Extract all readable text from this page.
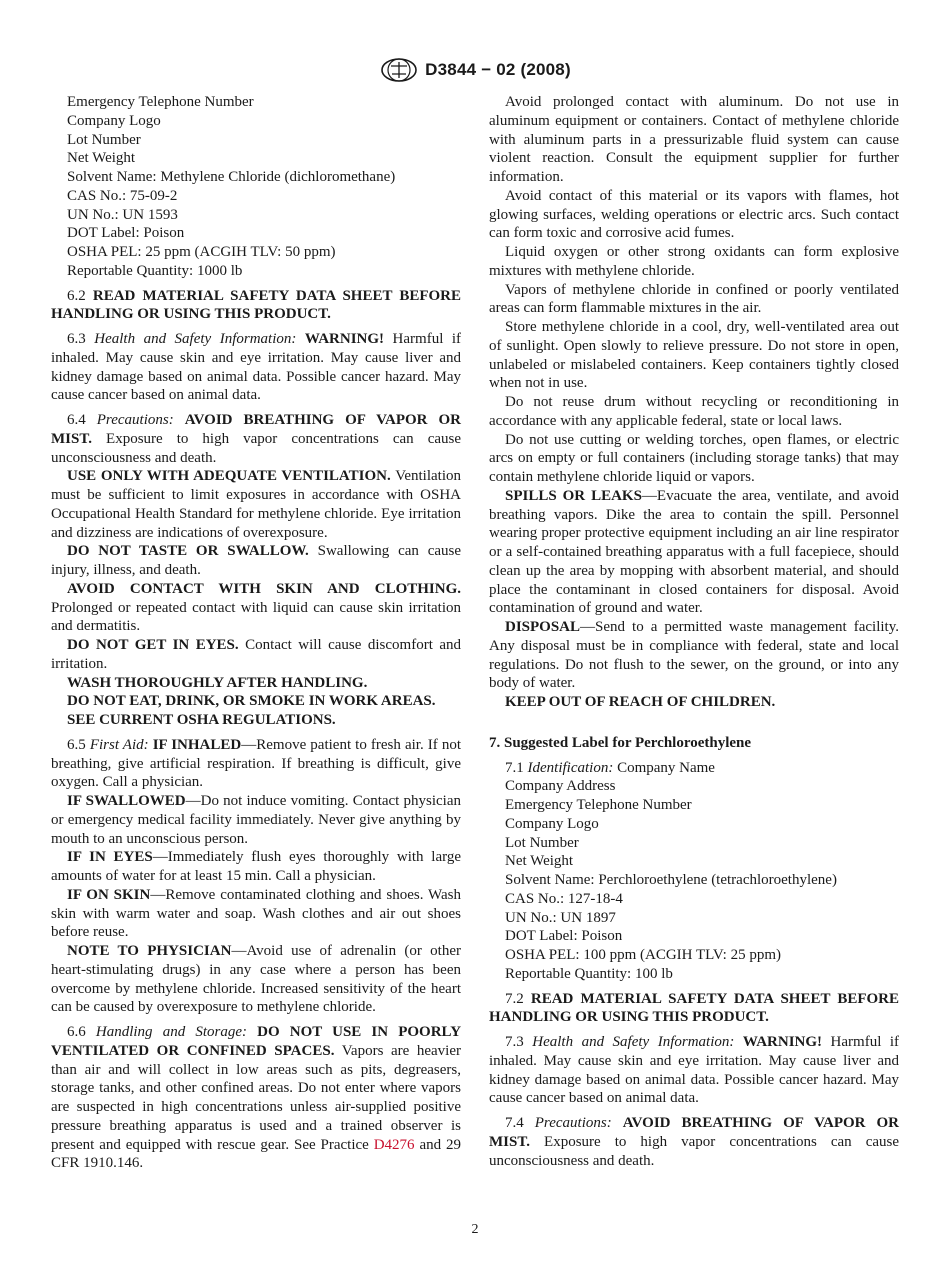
D3844 − 02 (2008)
Emergency Telephone Number
Company Logo
Lot Number
Net Weight
Solvent Name: Methylene Chloride (dichloromethane)
CAS No.: 75-09-2
UN No.: UN 1593
DOT Label: Poison
OSHA PEL: 25 ppm (ACGIH TLV: 50 ppm)
Reportable Quantity: 1000 lb

6.2 READ MATERIAL SAFETY DATA SHEET BEFORE HANDLING OR USING THIS PRODUCT.

6.3 Health and Safety Information: WARNING! Harmful if inhaled. May cause skin and eye irritation. May cause liver and kidney damage based on animal data. Possible cancer hazard. May cause cancer based on animal data.

6.4 Precautions: AVOID BREATHING OF VAPOR OR MIST. Exposure to high vapor concentrations can cause unconsciousness and death.

USE ONLY WITH ADEQUATE VENTILATION. Ventilation must be sufficient to limit exposures in accordance with OSHA Occupational Health Standard for methylene chloride. Eye irritation and dizziness are indications of overexposure.

DO NOT TASTE OR SWALLOW. Swallowing can cause injury, illness, and death.

AVOID CONTACT WITH SKIN AND CLOTHING. Prolonged or repeated contact with liquid can cause skin irritation and dermatitis.

DO NOT GET IN EYES. Contact will cause discomfort and irritation.

WASH THOROUGHLY AFTER HANDLING.

DO NOT EAT, DRINK, OR SMOKE IN WORK AREAS.

SEE CURRENT OSHA REGULATIONS.

6.5 First Aid: IF INHALED—Remove patient to fresh air. If not breathing, give artificial respiration. If breathing is difficult, give oxygen. Call a physician.

IF SWALLOWED—Do not induce vomiting. Contact physician or emergency medical facility immediately. Never give anything by mouth to an unconscious person.

IF IN EYES—Immediately flush eyes thoroughly with large amounts of water for at least 15 min. Call a physician.

IF ON SKIN—Remove contaminated clothing and shoes. Wash skin with warm water and soap. Wash clothes and air out shoes before reuse.

NOTE TO PHYSICIAN—Avoid use of adrenalin (or other heart-stimulating drugs) in any case where a person has been overcome by methylene chloride. Increased sensitivity of the heart can be caused by overexposure to methylene chloride.

6.6 Handling and Storage: DO NOT USE IN POORLY VENTILATED OR CONFINED SPACES. Vapors are heavier than air and will collect in low areas such as pits, degreasers, storage tanks, and other confined areas. Do not enter where vapors are suspected in high concentrations unless air-supplied positive pressure breathing apparatus is used and a trained observer is present and equipped with rescue gear. See Practice D4276 and 29 CFR 1910.146.

Avoid prolonged contact with aluminum. Do not use in aluminum equipment or containers. Contact of methylene chloride with aluminum parts in a pressurizable fluid system can cause violent reaction. Consult the equipment supplier for further information.

Avoid contact of this material or its vapors with flames, hot glowing surfaces, welding operations or electric arcs. Such contact can form toxic and corrosive acid fumes.

Liquid oxygen or other strong oxidants can form explosive mixtures with methylene chloride.

Vapors of methylene chloride in confined or poorly ventilated areas can form flammable mixtures in the air.

Store methylene chloride in a cool, dry, well-ventilated area out of sunlight. Open slowly to relieve pressure. Do not store in open, unlabeled or mislabeled containers. Keep containers tightly closed when not in use.

Do not reuse drum without recycling or reconditioning in accordance with any applicable federal, state or local laws.

Do not use cutting or welding torches, open flames, or electric arcs on empty or full containers (including storage tanks) that may contain methylene chloride liquid or vapors.

SPILLS OR LEAKS—Evacuate the area, ventilate, and avoid breathing vapors. Dike the area to contain the spill. Personnel wearing proper protective equipment including an air line respirator or a self-contained breathing apparatus with a full facepiece, should clean up the area by mopping with absorbent material, and should place the contaminant in closed containers for disposal. Avoid contamination of ground and water.

DISPOSAL—Send to a permitted waste management facility. Any disposal must be in compliance with federal, state and local regulations. Do not flush to the sewer, on the ground, or into any body of water.

KEEP OUT OF REACH OF CHILDREN.

7. Suggested Label for Perchloroethylene

7.1 Identification: Company Name

Company Address
Emergency Telephone Number
Company Logo
Lot Number
Net Weight
Solvent Name: Perchloroethylene (tetrachloroethylene)
CAS No.: 127-18-4
UN No.: UN 1897
DOT Label: Poison
OSHA PEL: 100 ppm (ACGIH TLV: 25 ppm)
Reportable Quantity: 100 lb

7.2 READ MATERIAL SAFETY DATA SHEET BEFORE HANDLING OR USING THIS PRODUCT.

7.3 Health and Safety Information: WARNING! Harmful if inhaled. May cause skin and eye irritation. May cause liver and kidney damage based on animal data. Possible cancer hazard. May cause cancer based on animal data.

7.4 Precautions: AVOID BREATHING OF VAPOR OR MIST. Exposure to high vapor concentrations can cause unconsciousness and death.

2
